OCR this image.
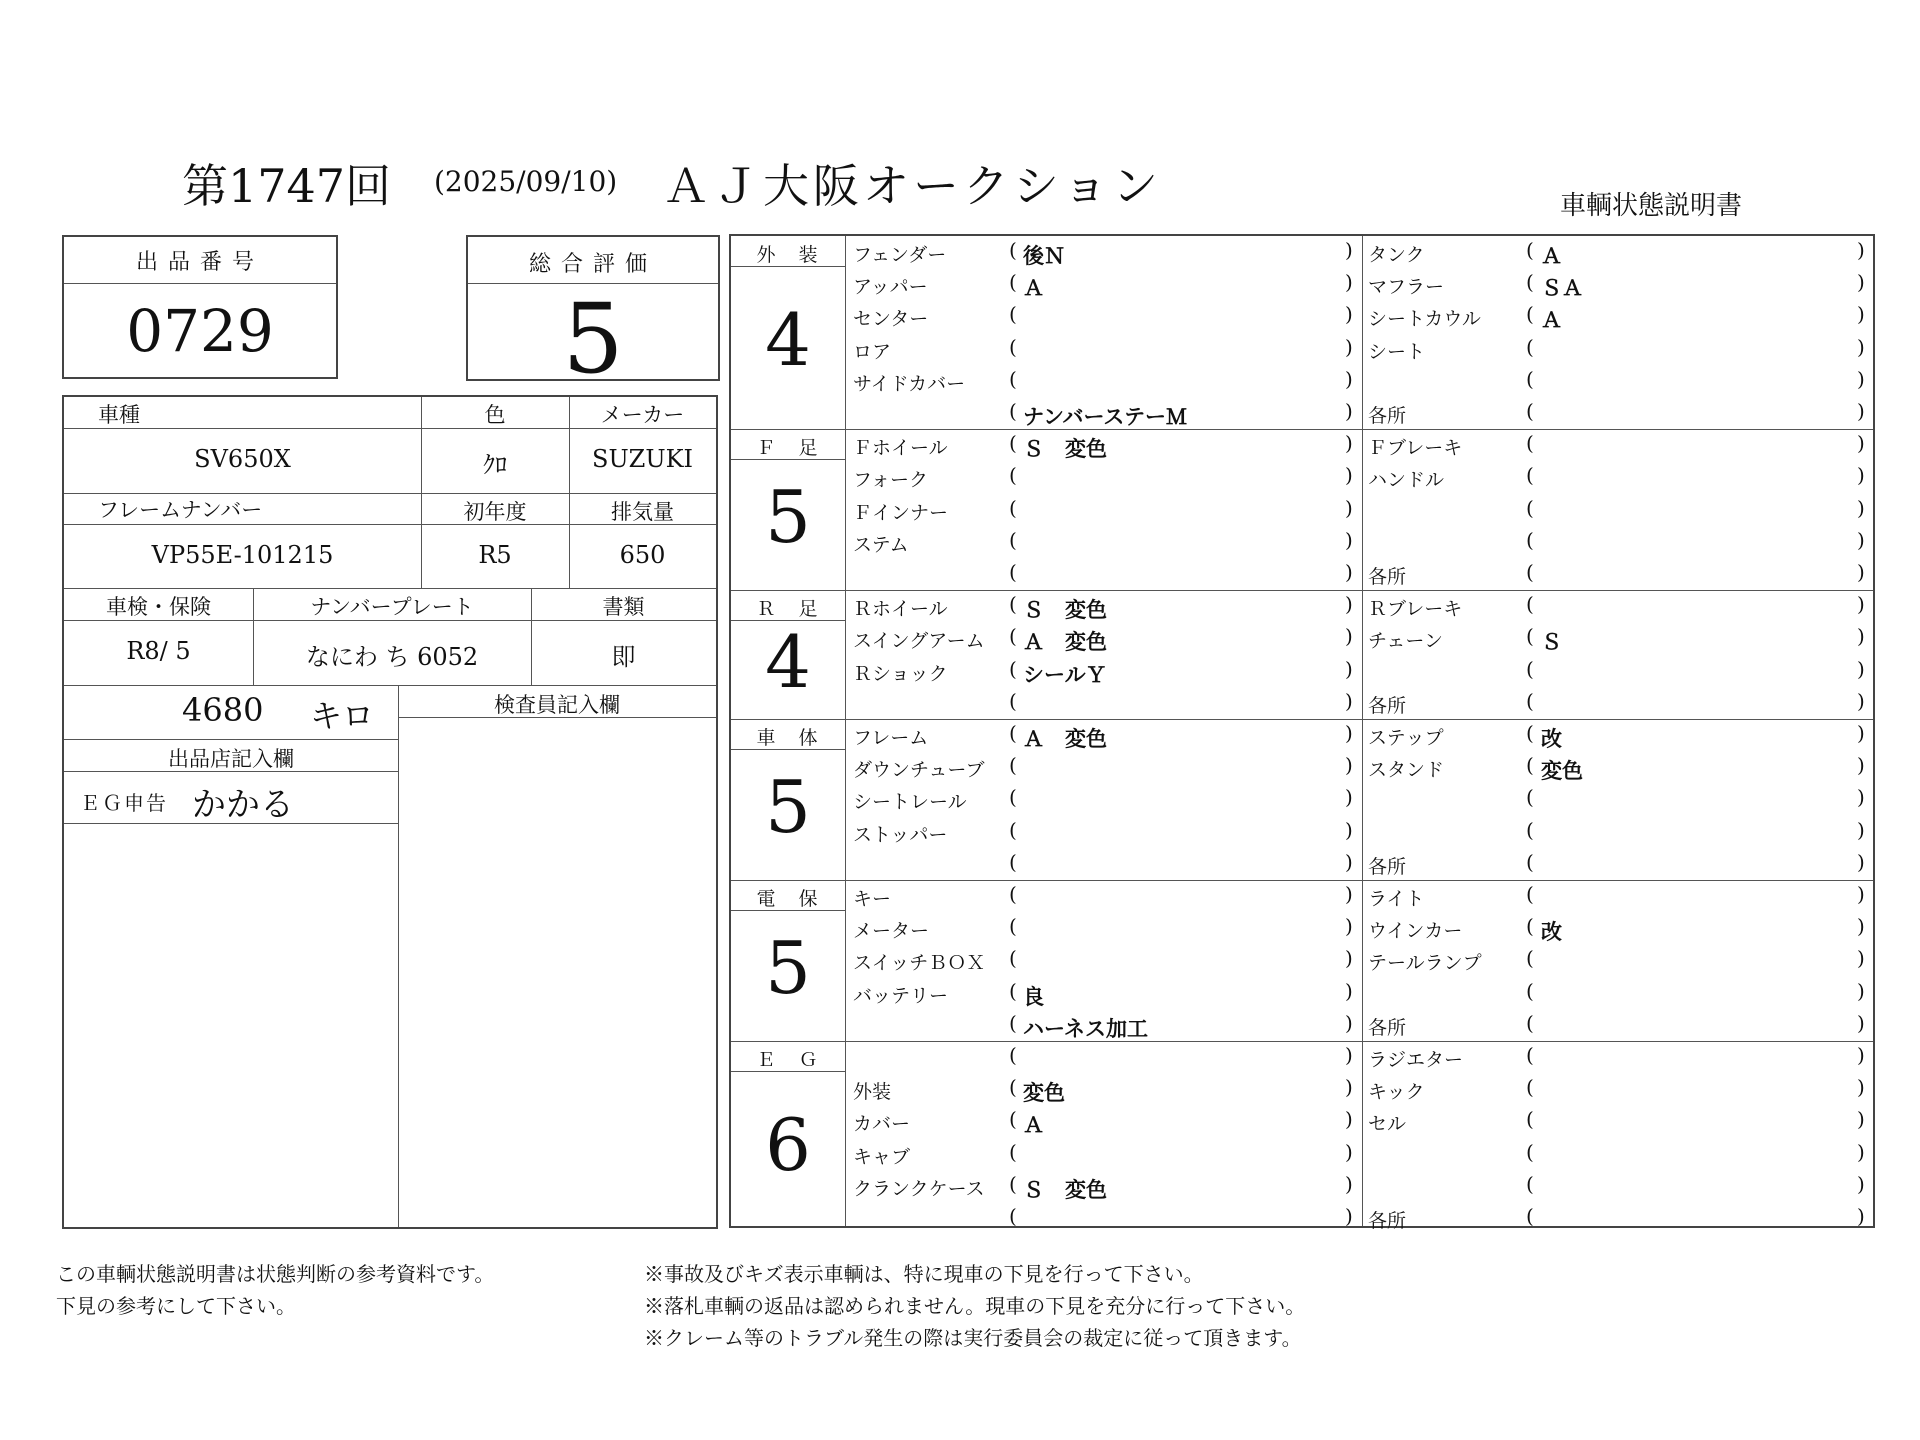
第1747回 (2025/09/10) ＡＪ大阪オークション	車輌状態説明書
出品番号
0729
総合評価
5
車種	色	メーカー
SV650X	ｸﾛ	SUZUKI
フレームナンバー	初年度	排気量
VP55E-101215	R5	650
車検・保険	ナンバープレート	書類
R8/ 5	なにわ ち 6052	即
4680 キロ	検査員記入欄
出品店記入欄
ＥＧ申告 かかる
外　装
4
フェンダー	( 後Ｎ	) タンク	( Ａ	)
アッパー	( Ａ	) マフラー	( ＳＡ	)
センター	(	) シートカウル ( Ａ	)
ロア	(	) シート	(	)
サイドカバー (	)	(	)
( ナンバーステーＭ	) 各所	(	)
Ｆ　足
5
Ｆホイール	( Ｓ　変色	) Ｆブレーキ	(	)
フォーク	(	) ハンドル	(	)
Ｆインナー	(	)	(	)
ステム	(	)	(	)
(	) 各所	(	)
Ｒ　足
4
Ｒホイール	( Ｓ　変色	) Ｒブレーキ	(	)
スイングアーム ( Ａ　変色	) チェーン	( Ｓ	)
Ｒショック	( シールＹ	)	(	)
(	) 各所	(	)
車　体
5
フレーム	( Ａ　変色	) ステップ	( 改	)
ダウンチューブ (	) スタンド	( 変色	)
シートレール (	)	(	)
ストッパー	(	)	(	)
(	) 各所	(	)
電　保
5
キー	(	) ライト	(	)
メーター	(	) ウインカー	( 改	)
スイッチＢＯＸ (	) テールランプ (	)
バッテリー	( 良	)	(	)
( ハーネス加工	) 各所	(	)
Ｅ　Ｇ
6
(	) ラジエター	(	)
外装	( 変色	) キック	(	)
カバー	( Ａ	) セル	(	)
キャブ	(	)	(	)
クランクケース ( Ｓ　変色	)	(	)
(	) 各所	(	)
この車輌状態説明書は状態判断の参考資料です。
下見の参考にして下さい。
※事故及びキズ表示車輌は、特に現車の下見を行って下さい。
※落札車輌の返品は認められません。現車の下見を充分に行って下さい。
※クレーム等のトラブル発生の際は実行委員会の裁定に従って頂きます。
